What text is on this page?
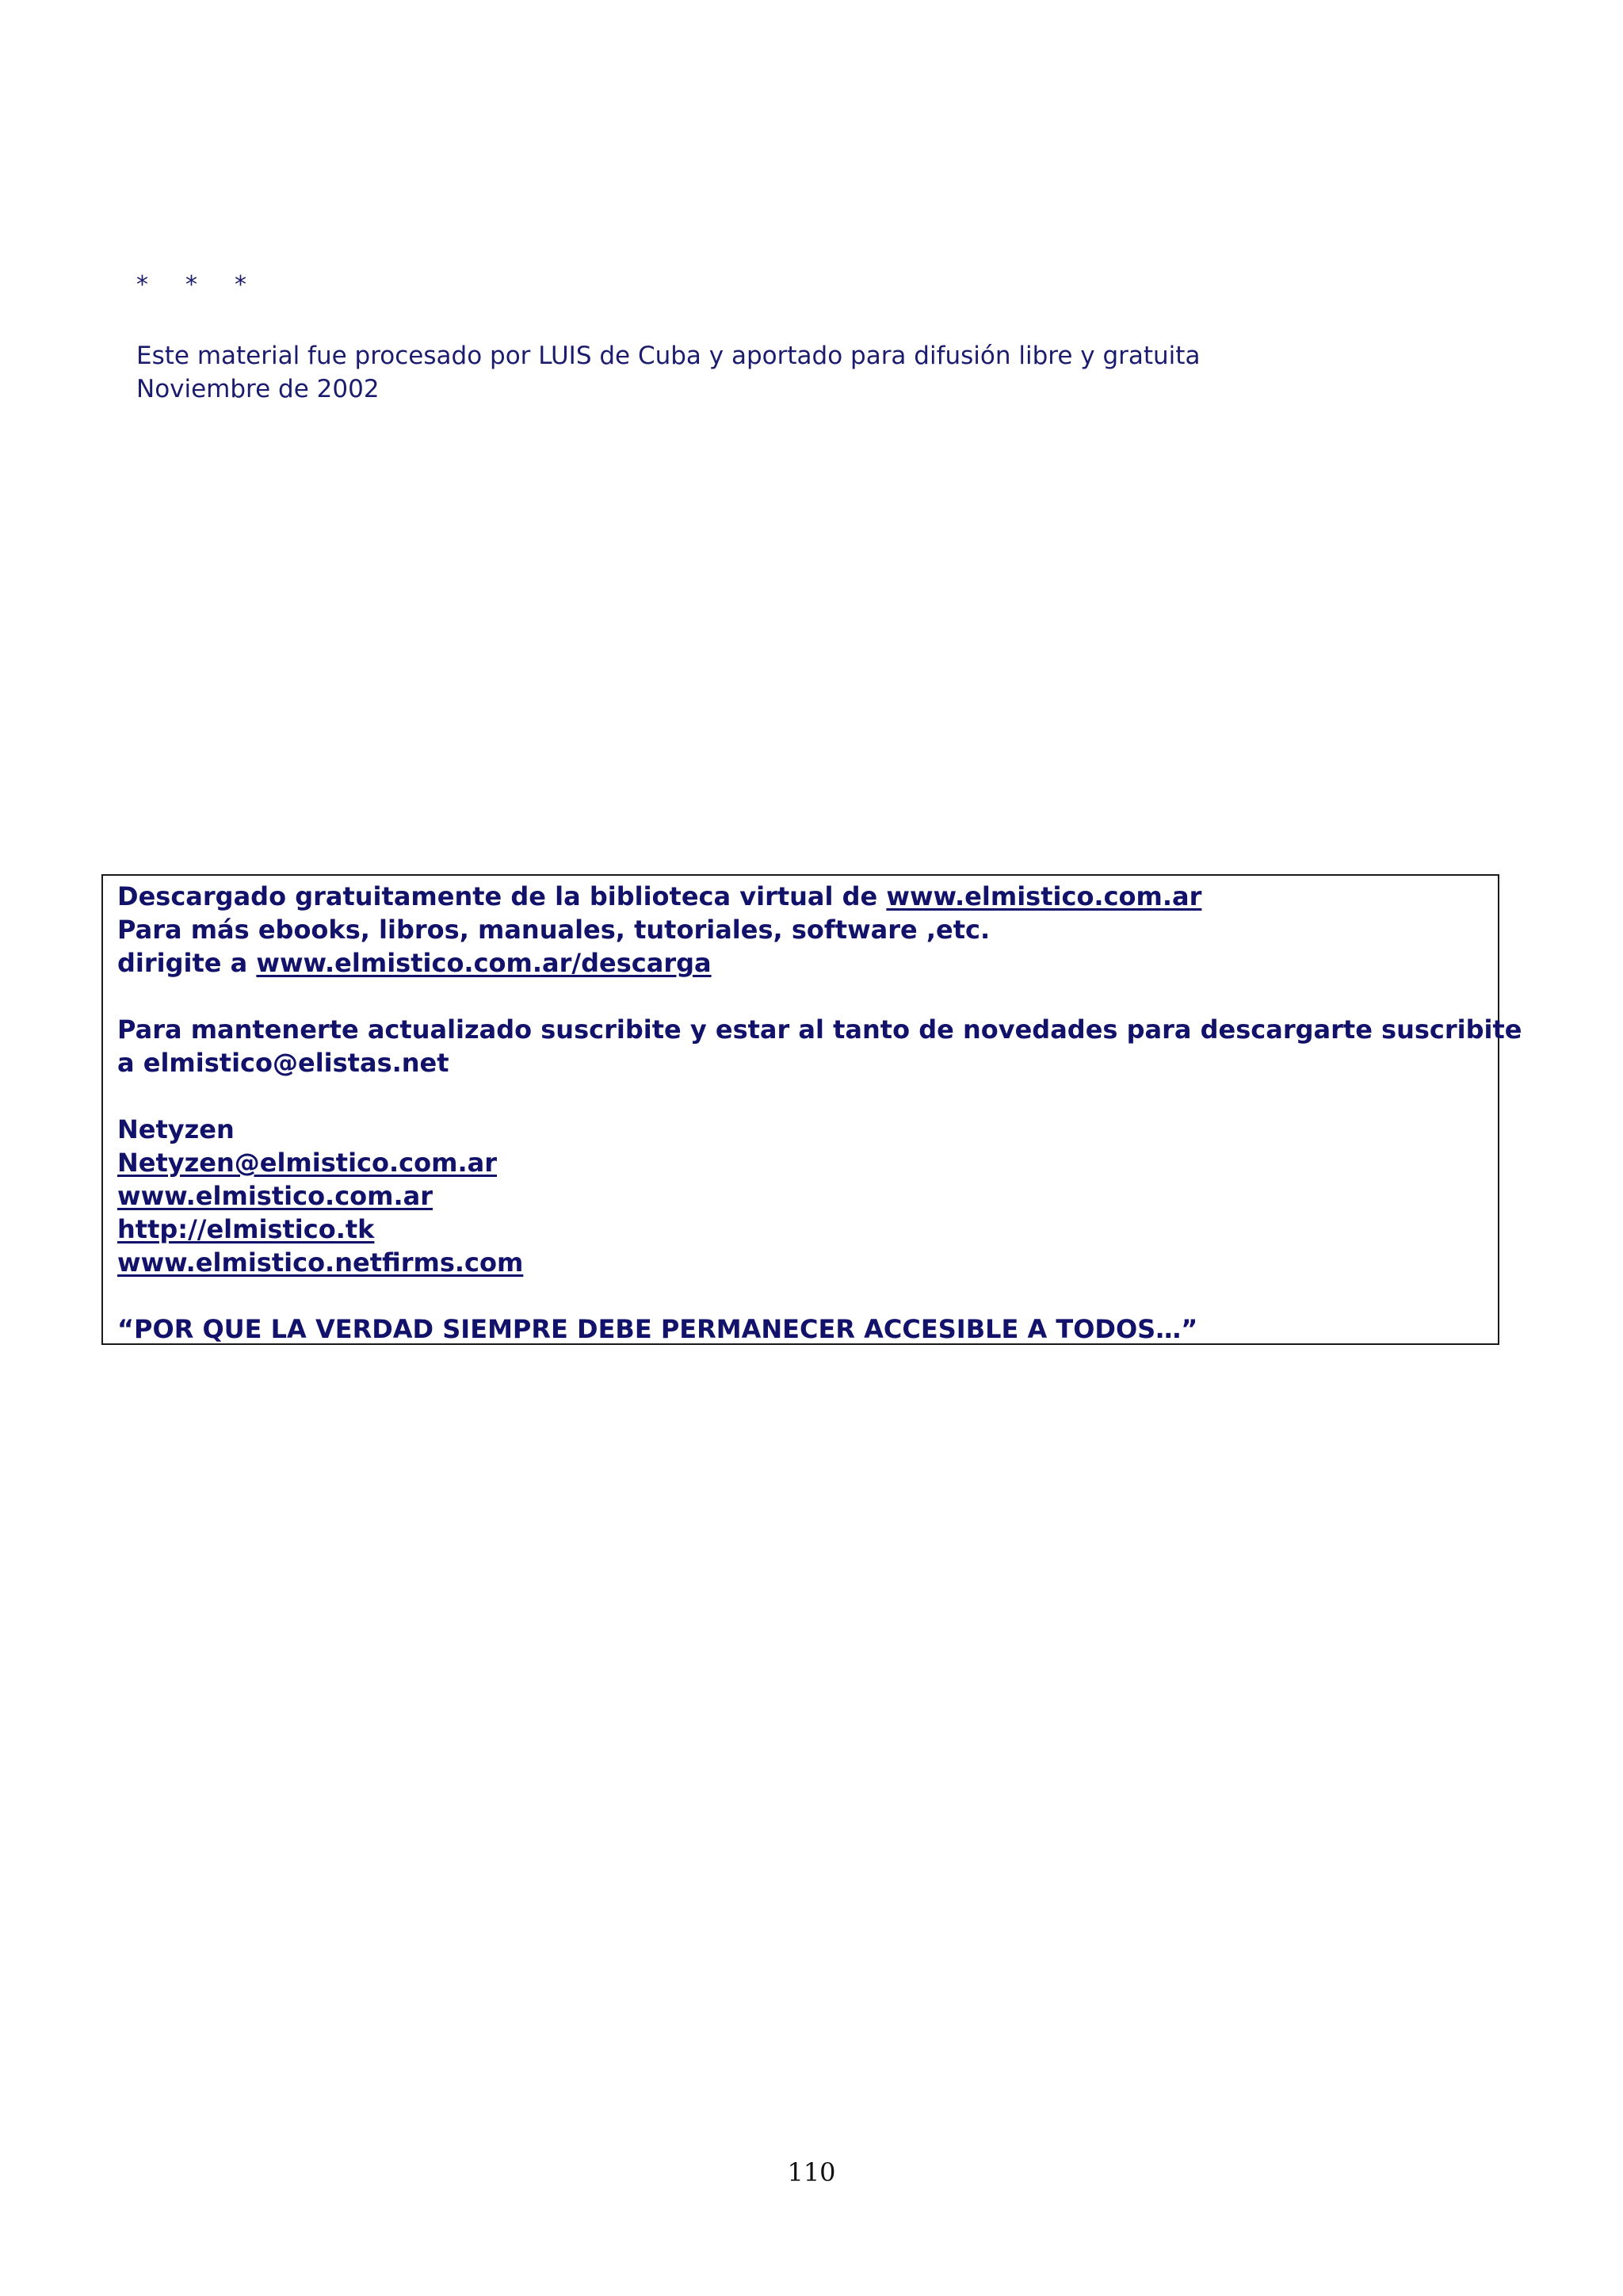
* * *
Este material fue procesado por LUIS de Cuba y aportado para difusión libre y gratuita
Noviembre de 2002
Descargado gratuitamente de la biblioteca virtual de www.elmistico.com.ar
Para más ebooks, libros, manuales, tutoriales, software ,etc.
dirigite a www.elmistico.com.ar/descarga
Para mantenerte actualizado suscribite y estar al tanto de novedades para descargarte suscribite
a elmistico@elistas.net
Netyzen
Netyzen@elmistico.com.ar
www.elmistico.com.ar
http://elmistico.tk
www.elmistico.netfirms.com
“POR QUE LA VERDAD SIEMPRE DEBE PERMANECER ACCESIBLE A TODOS…”
110
